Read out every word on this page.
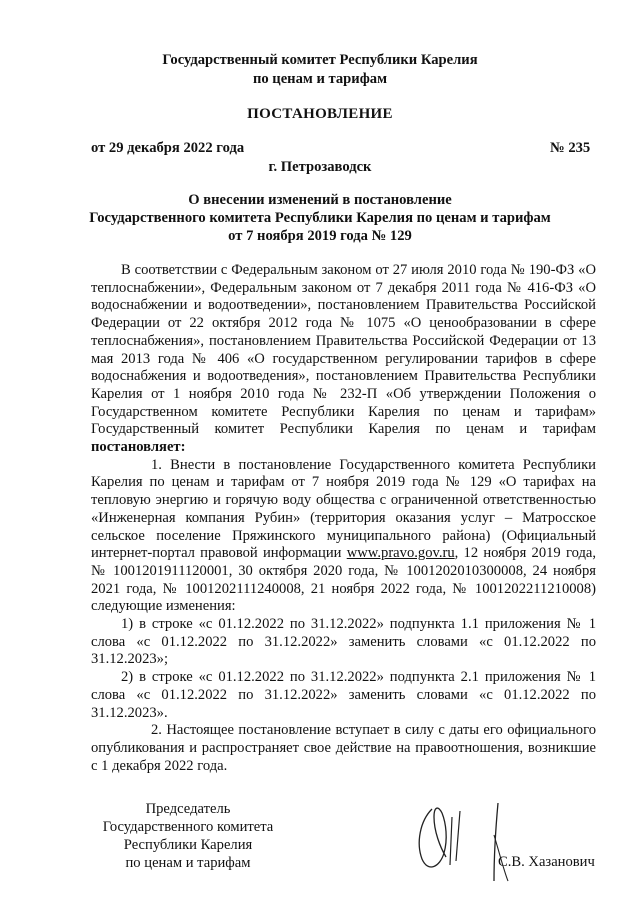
Государственный комитет Республики Карелия
по ценам и тарифам
ПОСТАНОВЛЕНИЕ
от 29 декабря 2022 года	№ 235
г. Петрозаводск
О внесении изменений в постановление
Государственного комитета Республики Карелия по ценам и тарифам
от 7 ноября 2019 года № 129

В соответствии с Федеральным законом от 27 июля 2010 года № 190-ФЗ «О теплоснабжении», Федеральным законом от 7 декабря 2011 года № 416-ФЗ «О водоснабжении и водоотведении», постановлением Правительства Российской Федерации от 22 октября 2012 года № 1075 «О ценообразовании в сфере теплоснабжения», постановлением Правительства Российской Федерации от 13 мая 2013 года № 406 «О государственном регулировании тарифов в сфере водоснабжения и водоотведения», постановлением Правительства Республики Карелия от 1 ноября 2010 года № 232-П «Об утверждении Положения о Государственном комитете Республики Карелия по ценам и тарифам» Государственный комитет Республики Карелия по ценам и тарифам постановляет:

1. Внести в постановление Государственного комитета Республики Карелия по ценам и тарифам от 7 ноября 2019 года № 129 «О тарифах на тепловую энергию и горячую воду общества с ограниченной ответственностью «Инженерная компания Рубин» (территория оказания услуг – Матросское сельское поселение Пряжинского муниципального района) (Официальный интернет-портал правовой информации www.pravo.gov.ru, 12 ноября 2019 года, № 1001201911120001, 30 октября 2020 года, № 1001202010300008, 24 ноября 2021 года, № 1001202111240008, 21 ноября 2022 года, № 1001202211210008) следующие изменения:

1) в строке «с 01.12.2022 по 31.12.2022» подпункта 1.1 приложения № 1 слова «с 01.12.2022 по 31.12.2022» заменить словами «с 01.12.2022 по 31.12.2023»;

2) в строке «с 01.12.2022 по 31.12.2022» подпункта 2.1 приложения № 1 слова «с 01.12.2022 по 31.12.2022» заменить словами «с 01.12.2022 по 31.12.2023».

2. Настоящее постановление вступает в силу с даты его официального опубликования и распространяет свое действие на правоотношения, возникшие с 1 декабря 2022 года.

Председатель
Государственного комитета
Республики Карелия
по ценам и тарифам	С.В. Хазанович
